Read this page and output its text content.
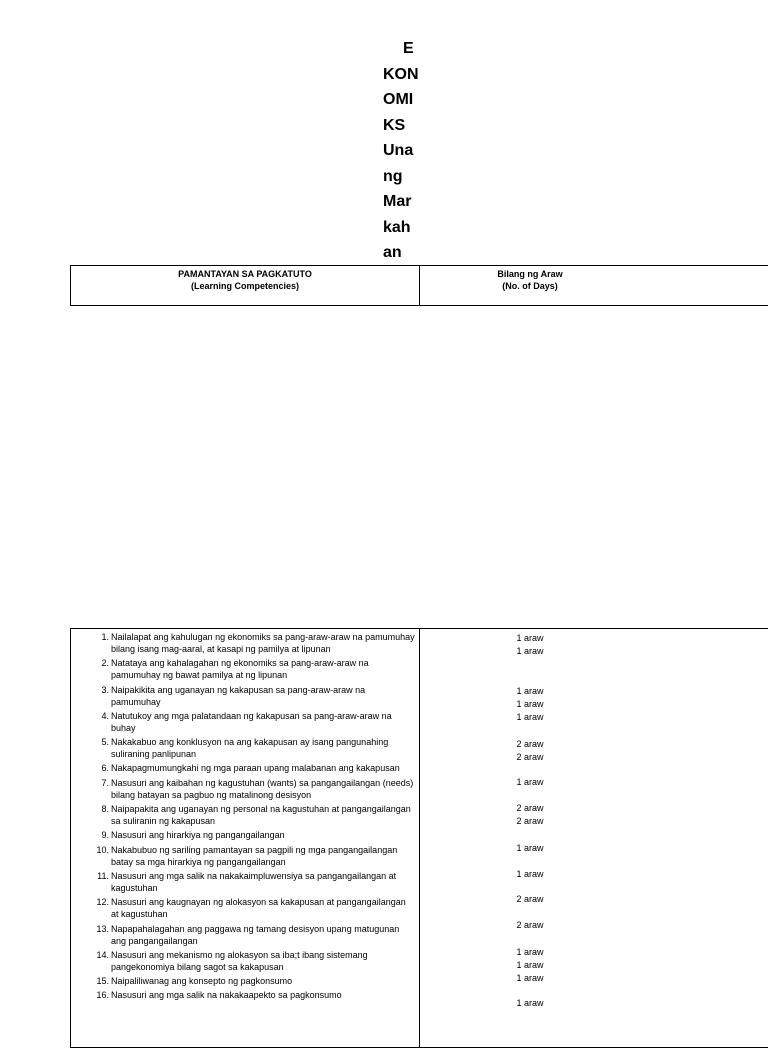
E
KON
OMI
KS
Una
ng
Mar
kah
an
PAMANTAYAN SA PAGKATUTO
(Learning Competencies)
Bilang ng Araw
(No. of Days)
1. Nailalapat ang kahulugan ng ekonomiks sa pang-araw-araw na pamumuhay bilang isang mag-aaral, at kasapi ng pamilya at lipunan
2. Natataya ang kahalagahan ng ekonomiks sa pang-araw-araw na pamumuhay ng bawat pamilya at ng lipunan
3. Naipakikita ang uganayan ng kakapusan sa pang-araw-araw na pamumuhay
4. Natutukoy ang mga palatandaan ng kakapusan sa pang-araw-araw na buhay
5. Nakakabuo ang konklusyon na ang kakapusan ay isang pangunahing suliraning panlipunan
6. Nakapagmumungkahi ng mga paraan upang malabanan ang kakapusan
7. Nasusuri ang kaibahan ng kagustuhan (wants) sa pangangailangan (needs) bilang batayan sa pagbuo ng matalinong desisyon
8. Naipapakita ang uganayan ng personal na kagustuhan at pangangailangan sa suliranin ng kakapusan
9. Nasusuri ang hirarkiya ng pangangailangan
10. Nakabubuo ng sariling pamantayan sa pagpili ng mga pangangailangan batay sa mga hirarkiya ng pangangailangan
11. Nasusuri ang mga salik na nakakaimpluwensiya sa pangangailangan at kagustuhan
12. Nasusuri ang kaugnayan ng alokasyon sa kakapusan at pangangailangan at kagustuhan
13. Napapahalagahan ang paggawa ng tamang desisyon upang matugunan ang pangangailangan
14. Nasusuri ang mekanismo ng alokasyon sa iba;t ibang sistemang pangekonomiya bilang sagot sa kakapusan
15. Naipaliliwanag ang konsepto ng pagkonsumo
16. Nasusuri ang mga salik na nakakaapekto sa pagkonsumo
1 araw
1 araw
1 araw
1 araw
1 araw
2 araw
2 araw
1 araw
2 araw
2 araw
1 araw
1 araw
2 araw
2 araw
1 araw
1 araw
1 araw
1 araw
